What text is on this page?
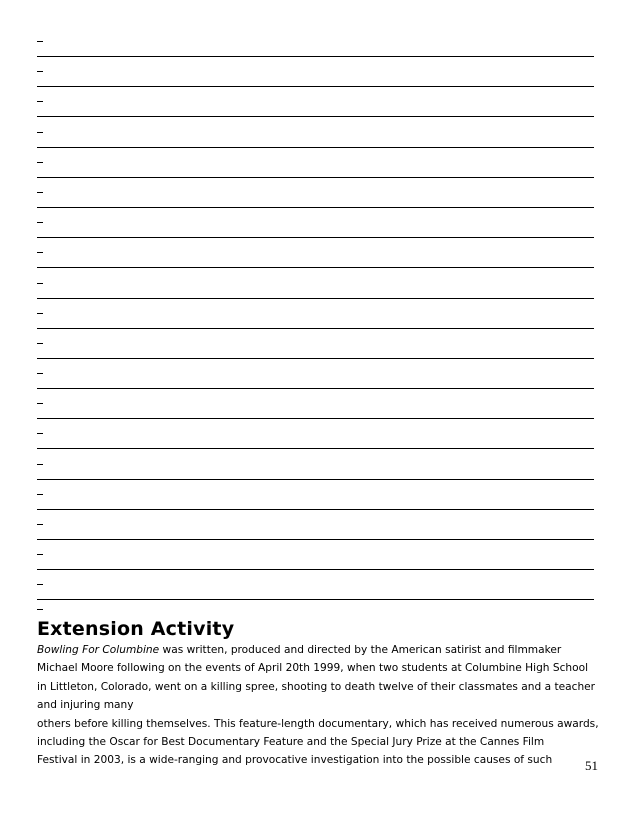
Extension Activity
Bowling For Columbine was written, produced and directed by the American satirist and filmmaker
Michael Moore following on the events of April 20th 1999, when two students at Columbine High School
in Littleton, Colorado, went on a killing spree, shooting to death twelve of their classmates and a teacher
and injuring many
others before killing themselves. This feature-length documentary, which has received numerous awards,
including the Oscar for Best Documentary Feature and the Special Jury Prize at the Cannes Film
Festival in 2003, is a wide-ranging and provocative investigation into the possible causes of such	51
